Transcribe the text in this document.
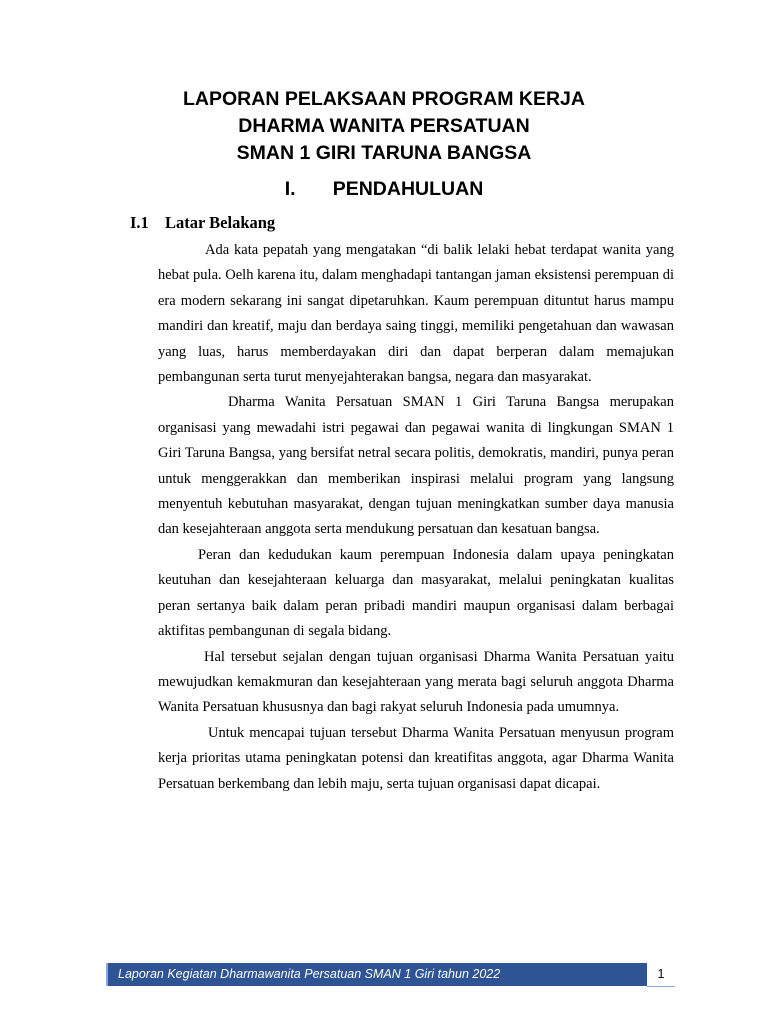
LAPORAN PELAKSAAN PROGRAM KERJA
DHARMA WANITA PERSATUAN
SMAN 1 GIRI TARUNA BANGSA
I. PENDAHULUAN
I.1 Latar Belakang

Ada kata pepatah yang mengatakan “di balik lelaki hebat terdapat wanita yang hebat pula. Oelh karena itu, dalam menghadapi tantangan jaman eksistensi perempuan di era modern sekarang ini sangat dipetaruhkan. Kaum perempuan dituntut harus mampu mandiri dan kreatif, maju dan berdaya saing tinggi, memiliki pengetahuan dan wawasan yang luas, harus memberdayakan diri dan dapat berperan dalam memajukan pembangunan serta turut menyejahterakan bangsa, negara dan masyarakat.

Dharma Wanita Persatuan SMAN 1 Giri Taruna Bangsa merupakan organisasi yang mewadahi istri pegawai dan pegawai wanita di lingkungan SMAN 1 Giri Taruna Bangsa, yang bersifat netral secara politis, demokratis, mandiri, punya peran untuk menggerakkan dan memberikan inspirasi melalui program yang langsung menyentuh kebutuhan masyarakat, dengan tujuan meningkatkan sumber daya manusia dan kesejahteraan anggota serta mendukung persatuan dan kesatuan bangsa.

Peran dan kedudukan kaum perempuan Indonesia dalam upaya peningkatan keutuhan dan kesejahteraan keluarga dan masyarakat, melalui peningkatan kualitas peran sertanya baik dalam peran pribadi mandiri maupun organisasi dalam berbagai aktifitas pembangunan di segala bidang.

Hal tersebut sejalan dengan tujuan organisasi Dharma Wanita Persatuan yaitu mewujudkan kemakmuran dan kesejahteraan yang merata bagi seluruh anggota Dharma Wanita Persatuan khususnya dan bagi rakyat seluruh Indonesia pada umumnya.

Untuk mencapai tujuan tersebut Dharma Wanita Persatuan menyusun program kerja prioritas utama peningkatan potensi dan kreatifitas anggota, agar Dharma Wanita Persatuan berkembang dan lebih maju, serta tujuan organisasi dapat dicapai.

Laporan Kegiatan Dharmawanita Persatuan SMAN 1 Giri tahun 2022	1
